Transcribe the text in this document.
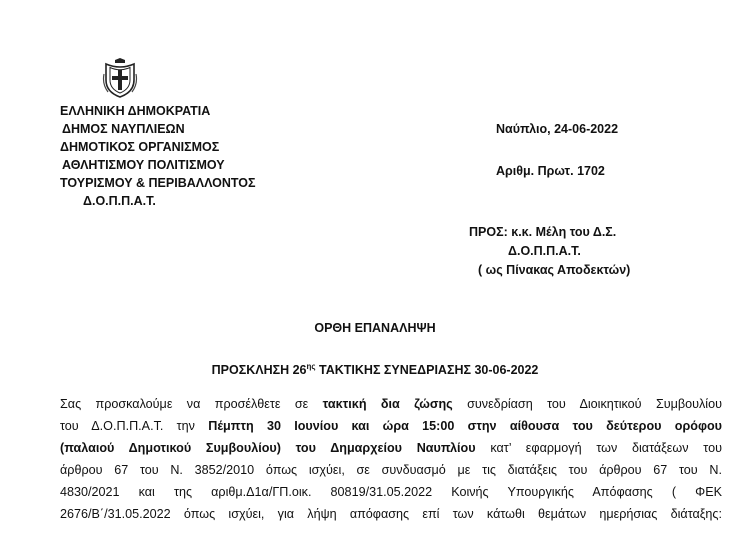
ΕΛΛΗΝΙΚΗ ΔΗΜΟΚΡΑΤΙΑ
ΔΗΜΟΣ ΝΑΥΠΛΙΕΩΝ
ΔΗΜΟΤΙΚΟΣ ΟΡΓΑΝΙΣΜΟΣ
ΑΘΛΗΤΙΣΜΟΥ ΠΟΛΙΤΙΣΜΟΥ
ΤΟΥΡΙΣΜΟΥ & ΠΕΡΙΒΑΛΛΟΝΤΟΣ
Δ.Ο.Π.Π.Α.Τ.
Ναύπλιο, 24-06-2022
Αριθμ. Πρωτ. 1702
ΠΡΟΣ: κ.κ. Μέλη του Δ.Σ.
Δ.Ο.Π.Π.Α.Τ.
( ως Πίνακας Αποδεκτών)
ΟΡΘΗ ΕΠΑΝΑΛΗΨΗ
ΠΡΟΣΚΛΗΣΗ $26^{\eta\varsigma}$ ΤΑΚΤΙΚΗΣ ΣΥΝΕΔΡΙΑΣΗΣ 30-06-2022
Σας προσκαλούμε να προσέλθετε σε τακτική δια ζώσης συνεδρίαση του Διοικητικού Συμβουλίου
του Δ.Ο.Π.Π.Α.Τ. την Πέμπτη 30 Ιουνίου και ώρα 15:00 στην αίθουσα του δεύτερου ορόφου
(παλαιού Δημοτικού Συμβουλίου) του Δημαρχείου Ναυπλίου κατ’ εφαρμογή των διατάξεων του
άρθρου 67 του Ν. 3852/2010 όπως ισχύει, σε συνδυασμό με τις διατάξεις του άρθρου 67 του Ν.
4830/2021 και της αριθμ.Δ1α/ΓΠ.οικ. 80819/31.05.2022 Κοινής Υπουργικής Απόφασης ( ΦΕΚ
2676/Β΄/31.05.2022 όπως ισχύει, για λήψη απόφασης επί των κάτωθι θεμάτων ημερήσιας διάταξης:
